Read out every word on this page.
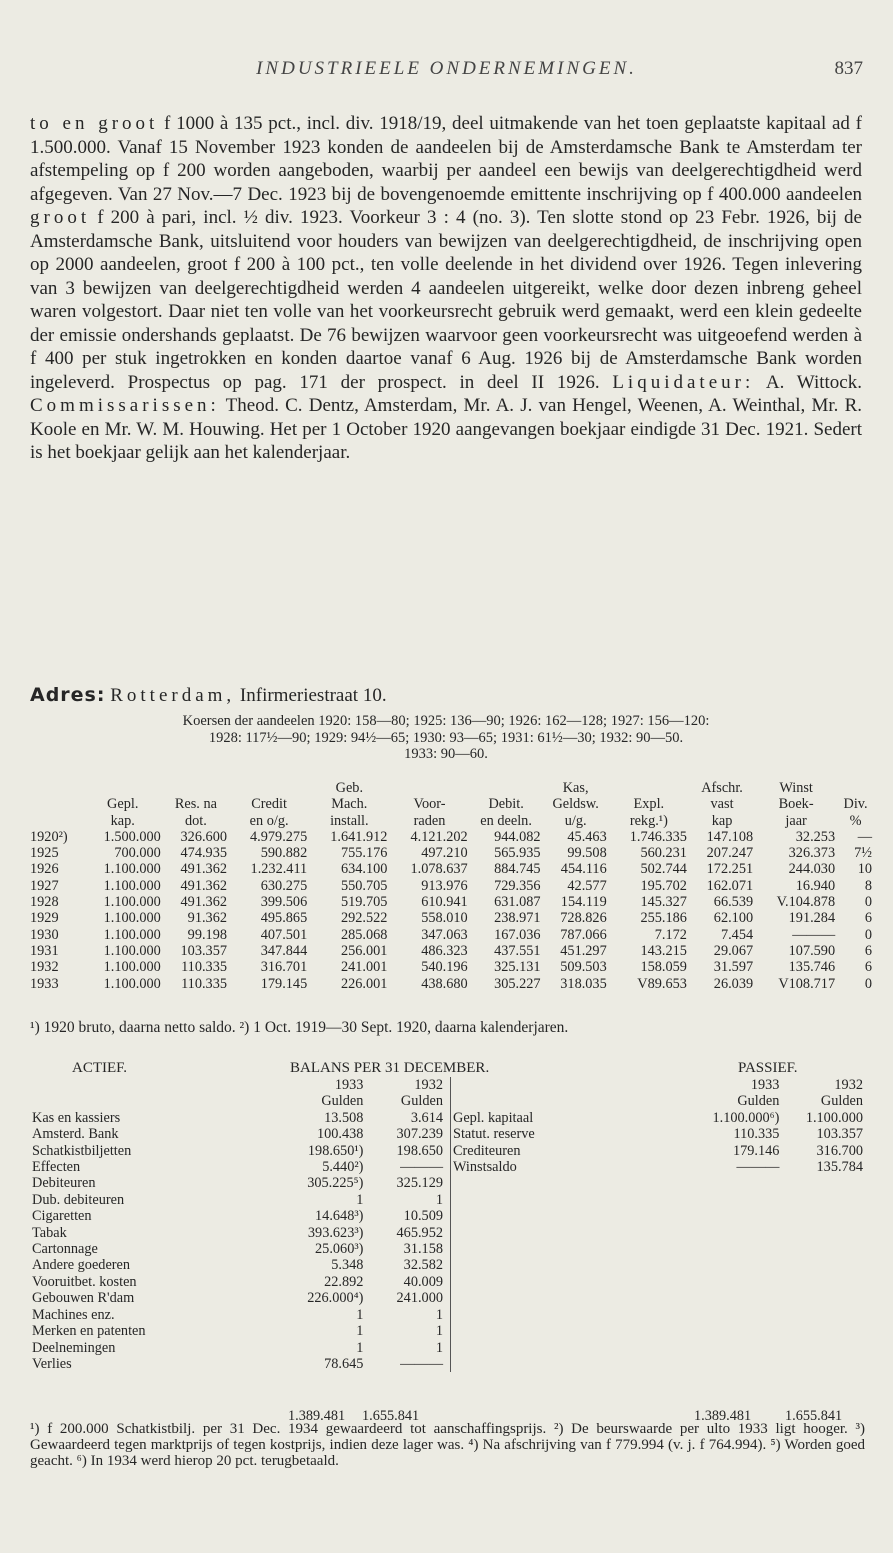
INDUSTRIEELE ONDERNEMINGEN.	837

to en groot f 1000 à 135 pct., incl. div. 1918/19, deel uitmakende van het toen geplaatste kapitaal ad f 1.500.000. Vanaf 15 November 1923 konden de aandeelen bij de Amsterdamsche Bank te Amsterdam ter afstempeling op f 200 worden aangeboden, waarbij per aandeel een bewijs van deelgerechtigdheid werd afgegeven. Van 27 Nov.—7 Dec. 1923 bij de bovengenoemde emittente inschrijving op f 400.000 aandeelen groot f 200 à pari, incl. ½ div. 1923. Voorkeur 3 : 4 (no. 3). Ten slotte stond op 23 Febr. 1926, bij de Amsterdamsche Bank, uitsluitend voor houders van bewijzen van deelgerechtigdheid, de inschrijving open op 2000 aandeelen, groot f 200 à 100 pct., ten volle deelende in het dividend over 1926. Tegen inlevering van 3 bewijzen van deelgerechtigdheid werden 4 aandeelen uitgereikt, welke door dezen inbreng geheel waren volgestort. Daar niet ten volle van het voorkeursrecht gebruik werd gemaakt, werd een klein gedeelte der emissie ondershands geplaatst. De 76 bewijzen waarvoor geen voorkeursrecht was uitgeoefend werden à f 400 per stuk ingetrokken en konden daartoe vanaf 6 Aug. 1926 bij de Amsterdamsche Bank worden ingeleverd. Prospectus op pag. 171 der prospect. in deel II 1926. Liquidateur: A. Wittock. Commissarissen: Theod. C. Dentz, Amsterdam, Mr. A. J. van Hengel, Weenen, A. Weinthal, Mr. R. Koole en Mr. W. M. Houwing. Het per 1 October 1920 aangevangen boekjaar eindigde 31 Dec. 1921. Sedert is het boekjaar gelijk aan het kalenderjaar.

Adres: Rotterdam, Infirmeriestraat 10.
Koersen der aandeelen 1920: 158—80; 1925: 136—90; 1926: 162—128; 1927: 156—120:
1928: 117½—90; 1929: 94½—65; 1930: 93—65; 1931: 61½—30; 1932: 90—50.
1933: 90—60.
				Geb.			Kas,		Afschr.	Winst	
	Gepl.	Res. na	Credit	Mach.	Voor-	Debit.	Geldsw.	Expl.	vast	Boek-	Div.
	kap.	dot.	en o/g.	install.	raden	en deeln.	u/g.	rekg.¹)	kap	jaar	%
1920²)	1.500.000	326.600	4.979.275	1.641.912	4.121.202	944.082	45.463	1.746.335	147.108	32.253	—
1925	700.000	474.935	590.882	755.176	497.210	565.935	99.508	560.231	207.247	326.373	7½
1926	1.100.000	491.362	1.232.411	634.100	1.078.637	884.745	454.116	502.744	172.251	244.030	10
1927	1.100.000	491.362	630.275	550.705	913.976	729.356	42.577	195.702	162.071	16.940	8
1928	1.100.000	491.362	399.506	519.705	610.941	631.087	154.119	145.327	66.539	V.104.878	0
1929	1.100.000	91.362	495.865	292.522	558.010	238.971	728.826	255.186	62.100	191.284	6
1930	1.100.000	99.198	407.501	285.068	347.063	167.036	787.066	7.172	7.454	———	0
1931	1.100.000	103.357	347.844	256.001	486.323	437.551	451.297	143.215	29.067	107.590	6
1932	1.100.000	110.335	316.701	241.001	540.196	325.131	509.503	158.059	31.597	135.746	6
1933	1.100.000	110.335	179.145	226.001	438.680	305.227	318.035	V89.653	26.039	V108.717	0
¹) 1920 bruto, daarna netto saldo. ²) 1 Oct. 1919—30 Sept. 1920, daarna kalenderjaren.
ACTIEF.	BALANS PER 31 DECEMBER.	PASSIEF.
	1933	1932
	Gulden	Gulden
Kas en kassiers	13.508	3.614
Amsterd. Bank	100.438	307.239
Schatkistbiljetten	198.650¹)	198.650
Effecten	5.440²)	———
Debiteuren	305.225⁵)	325.129
Dub. debiteuren	1	1
Cigaretten	14.648³)	10.509
Tabak	393.623³)	465.952
Cartonnage	25.060³)	31.158
Andere goederen	5.348	32.582
Vooruitbet. kosten	22.892	40.009
Gebouwen R'dam	226.000⁴)	241.000
Machines enz.	1	1
Merken en patenten	1	1
Deelnemingen	1	1
Verlies	78.645	———
	1933	1932
	Gulden	Gulden
Gepl. kapitaal	1.100.000⁶)	1.100.000
Statut. reserve	110.335	103.357
Crediteuren	179.146	316.700
Winstsaldo	———	135.784

1.389.481 1.655.841	1.389.481 1.655.841
¹) f 200.000 Schatkistbilj. per 31 Dec. 1934 gewaardeerd tot aanschaffingsprijs. ²) De beurswaarde per ulto 1933 ligt hooger. ³) Gewaardeerd tegen marktprijs of tegen kostprijs, indien deze lager was. ⁴) Na afschrijving van f 779.994 (v. j. f 764.994). ⁵) Worden goed geacht. ⁶) In 1934 werd hierop 20 pct. terugbetaald.
